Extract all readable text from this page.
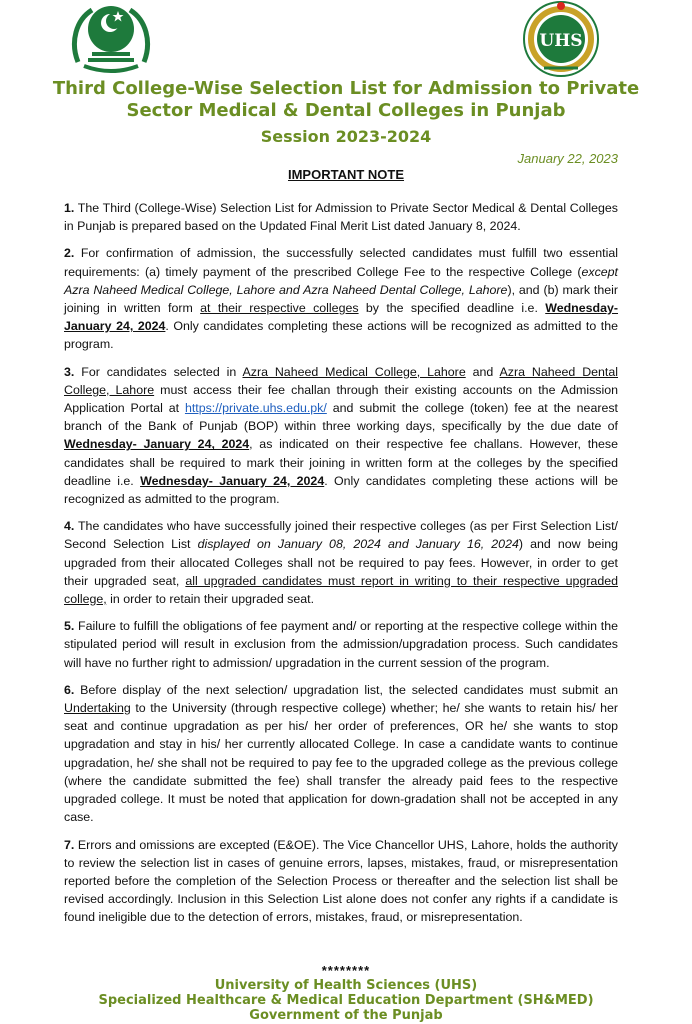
UHS
Third College-Wise Selection List for Admission to Private
Sector Medical & Dental Colleges in Punjab
Session 2023-2024
January 22, 2023
IMPORTANT NOTE

1. The Third (College-Wise) Selection List for Admission to Private Sector Medical & Dental Colleges in Punjab is prepared based on the Updated Final Merit List dated January 8, 2024.

2. For confirmation of admission, the successfully selected candidates must fulfill two essential requirements: (a) timely payment of the prescribed College Fee to the respective College (except Azra Naheed Medical College, Lahore and Azra Naheed Dental College, Lahore), and (b) mark their joining in written form at their respective colleges by the specified deadline i.e. Wednesday- January 24, 2024. Only candidates completing these actions will be recognized as admitted to the program.

3. For candidates selected in Azra Naheed Medical College, Lahore and Azra Naheed Dental College, Lahore must access their fee challan through their existing accounts on the Admission Application Portal at https://private.uhs.edu.pk/ and submit the college (token) fee at the nearest branch of the Bank of Punjab (BOP) within three working days, specifically by the due date of Wednesday- January 24, 2024, as indicated on their respective fee challans. However, these candidates shall be required to mark their joining in written form at the colleges by the specified deadline i.e. Wednesday- January 24, 2024. Only candidates completing these actions will be recognized as admitted to the program.

4. The candidates who have successfully joined their respective colleges (as per First Selection List/ Second Selection List displayed on January 08, 2024 and January 16, 2024) and now being upgraded from their allocated Colleges shall not be required to pay fees. However, in order to get their upgraded seat, all upgraded candidates must report in writing to their respective upgraded college, in order to retain their upgraded seat.

5. Failure to fulfill the obligations of fee payment and/ or reporting at the respective college within the stipulated period will result in exclusion from the admission/upgradation process. Such candidates will have no further right to admission/ upgradation in the current session of the program.

6. Before display of the next selection/ upgradation list, the selected candidates must submit an Undertaking to the University (through respective college) whether; he/ she wants to retain his/ her seat and continue upgradation as per his/ her order of preferences, OR he/ she wants to stop upgradation and stay in his/ her currently allocated College. In case a candidate wants to continue upgradation, he/ she shall not be required to pay fee to the upgraded college as the previous college (where the candidate submitted the fee) shall transfer the already paid fees to the respective upgraded college. It must be noted that application for down-gradation shall not be accepted in any case.

7. Errors and omissions are excepted (E&OE). The Vice Chancellor UHS, Lahore, holds the authority to review the selection list in cases of genuine errors, lapses, mistakes, fraud, or misrepresentation reported before the completion of the Selection Process or thereafter and the selection list shall be revised accordingly. Inclusion in this Selection List alone does not confer any rights if a candidate is found ineligible due to the detection of errors, mistakes, fraud, or misrepresentation.

********
University of Health Sciences (UHS)
Specialized Healthcare & Medical Education Department (SH&MED)
Government of the Punjab
